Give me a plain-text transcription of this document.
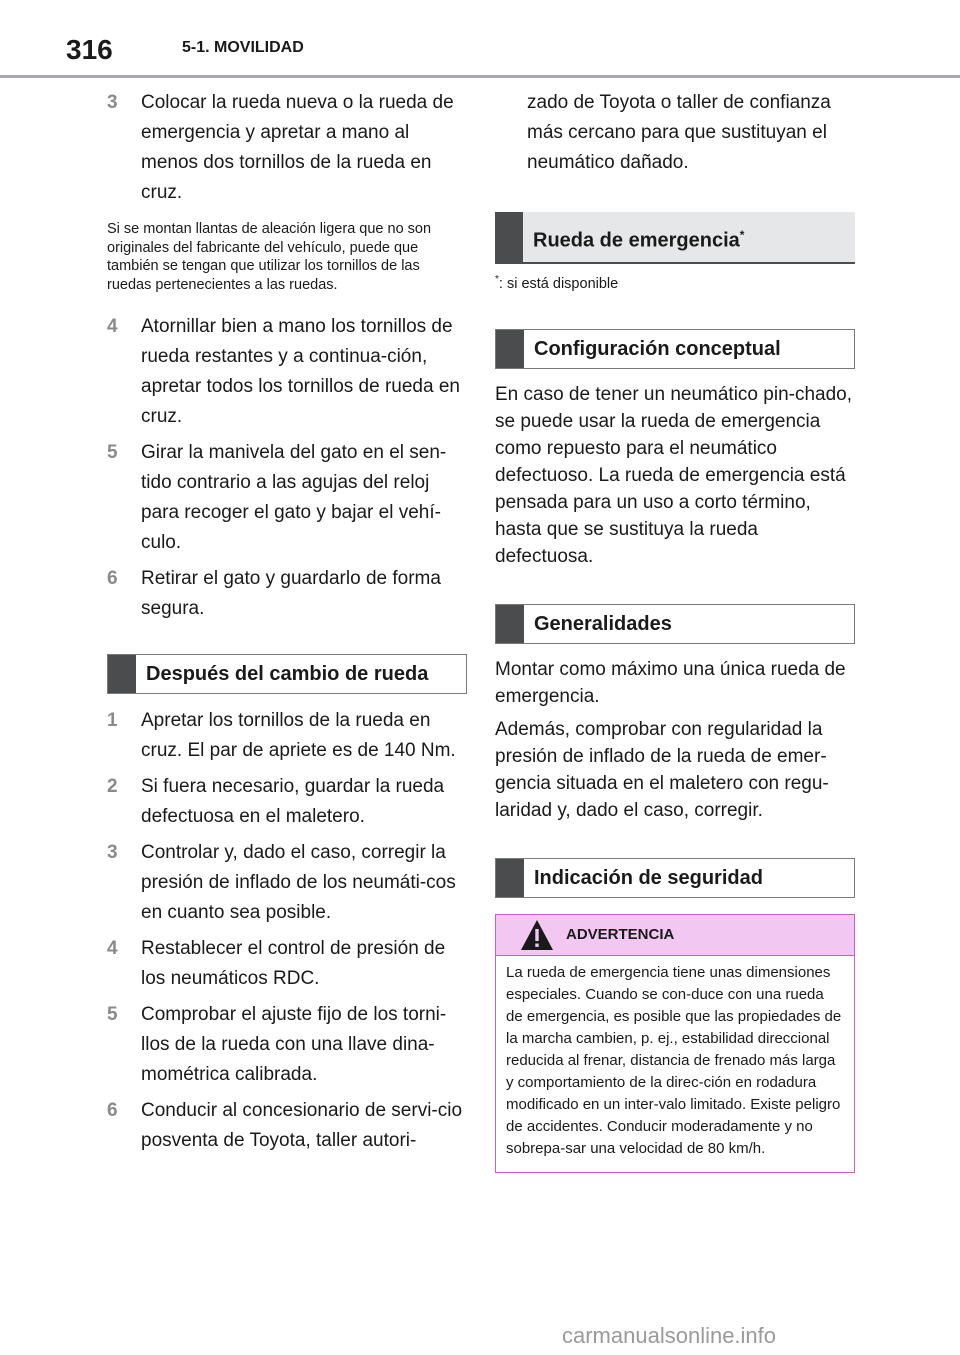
316	5-1. MOVILIDAD
3	Colocar la rueda nueva o la rueda de emergencia y apretar a mano al menos dos tornillos de la rueda en cruz.
Si se montan llantas de aleación ligera que no son originales del fabricante del vehículo, puede que también se tengan que utilizar los tornillos de las ruedas pertenecientes a las ruedas.
4	Atornillar bien a mano los tornillos de rueda restantes y a continua-ción, apretar todos los tornillos de rueda en cruz.
5	Girar la manivela del gato en el sen-tido contrario a las agujas del reloj para recoger el gato y bajar el vehí-culo.
6	Retirar el gato y guardarlo de forma segura.
Después del cambio de rueda
1	Apretar los tornillos de la rueda en cruz. El par de apriete es de 140 Nm.
2	Si fuera necesario, guardar la rueda defectuosa en el maletero.
3	Controlar y, dado el caso, corregir la presión de inflado de los neumáti-cos en cuanto sea posible.
4	Restablecer el control de presión de los neumáticos RDC.
5	Comprobar el ajuste fijo de los torni-llos de la rueda con una llave dina-mométrica calibrada.
6	Conducir al concesionario de servi-cio posventa de Toyota, taller autori-
zado de Toyota o taller de confianza más cercano para que sustituyan el neumático dañado.
Rueda de emergencia*
*: si está disponible
Configuración conceptual
En caso de tener un neumático pin-chado, se puede usar la rueda de emergencia como repuesto para el neumático defectuoso. La rueda de emergencia está pensada para un uso a corto término, hasta que se sustituya la rueda defectuosa.
Generalidades
Montar como máximo una única rueda de emergencia.
Además, comprobar con regularidad la presión de inflado de la rueda de emer-gencia situada en el maletero con regu-laridad y, dado el caso, corregir.
Indicación de seguridad
ADVERTENCIA
La rueda de emergencia tiene unas dimensiones especiales. Cuando se con-duce con una rueda de emergencia, es posible que las propiedades de la marcha cambien, p. ej., estabilidad direccional reducida al frenar, distancia de frenado más larga y comportamiento de la direc-ción en rodadura modificado en un inter-valo limitado. Existe peligro de accidentes. Conducir moderadamente y no sobrepa-sar una velocidad de 80 km/h.
carmanualsonline.info
